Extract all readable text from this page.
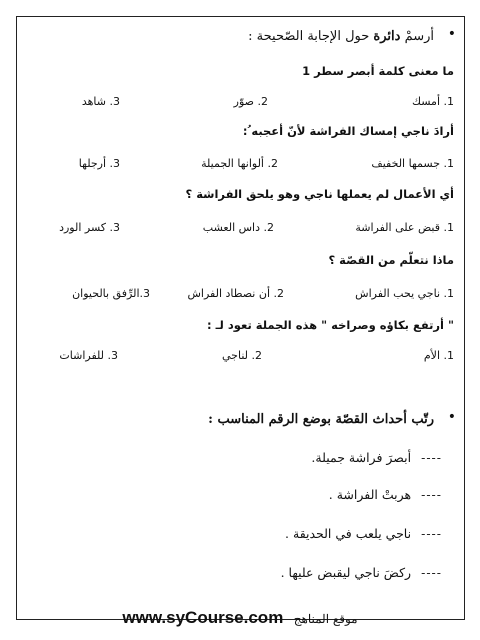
•
أرسمْ دائرة حول الإجابة الصّحيحة :
ما معنى كلمة أبصر سطر 1
1. أمسك
2. صوّر
3. شاهد
أرادَ ناجي إمساك الفراشة لأنّ أعجبه ُ:
1. جسمها الخفيف
2. ألوانها الجميلة
3. أرجلها
أي الأعمال لم يعملها ناجي وهو يلحق الفراشة ؟
1. قبض على الفراشة
2. داس العشب
3. كسر الورد
ماذا نتعلّم من القصّة ؟
1. ناجي يحب الفراش
2. أن نصطاد الفراش
3.الرِّفق بالحيوان
" أرتفع بكاؤه وصراخه " هذه الجملة تعود لـ :
1. الأم
2. لناجي
3. للفراشات
•
رتّب أحداث القصّة بوضع الرقم المناسب :
----أبصرَ فراشة جميلة.
----هربتْ الفراشة .
----ناجي يلعب في الحديقة .
----ركضَ ناجي ليقبض عليها .
www.syCourse.com موقع المناهج
